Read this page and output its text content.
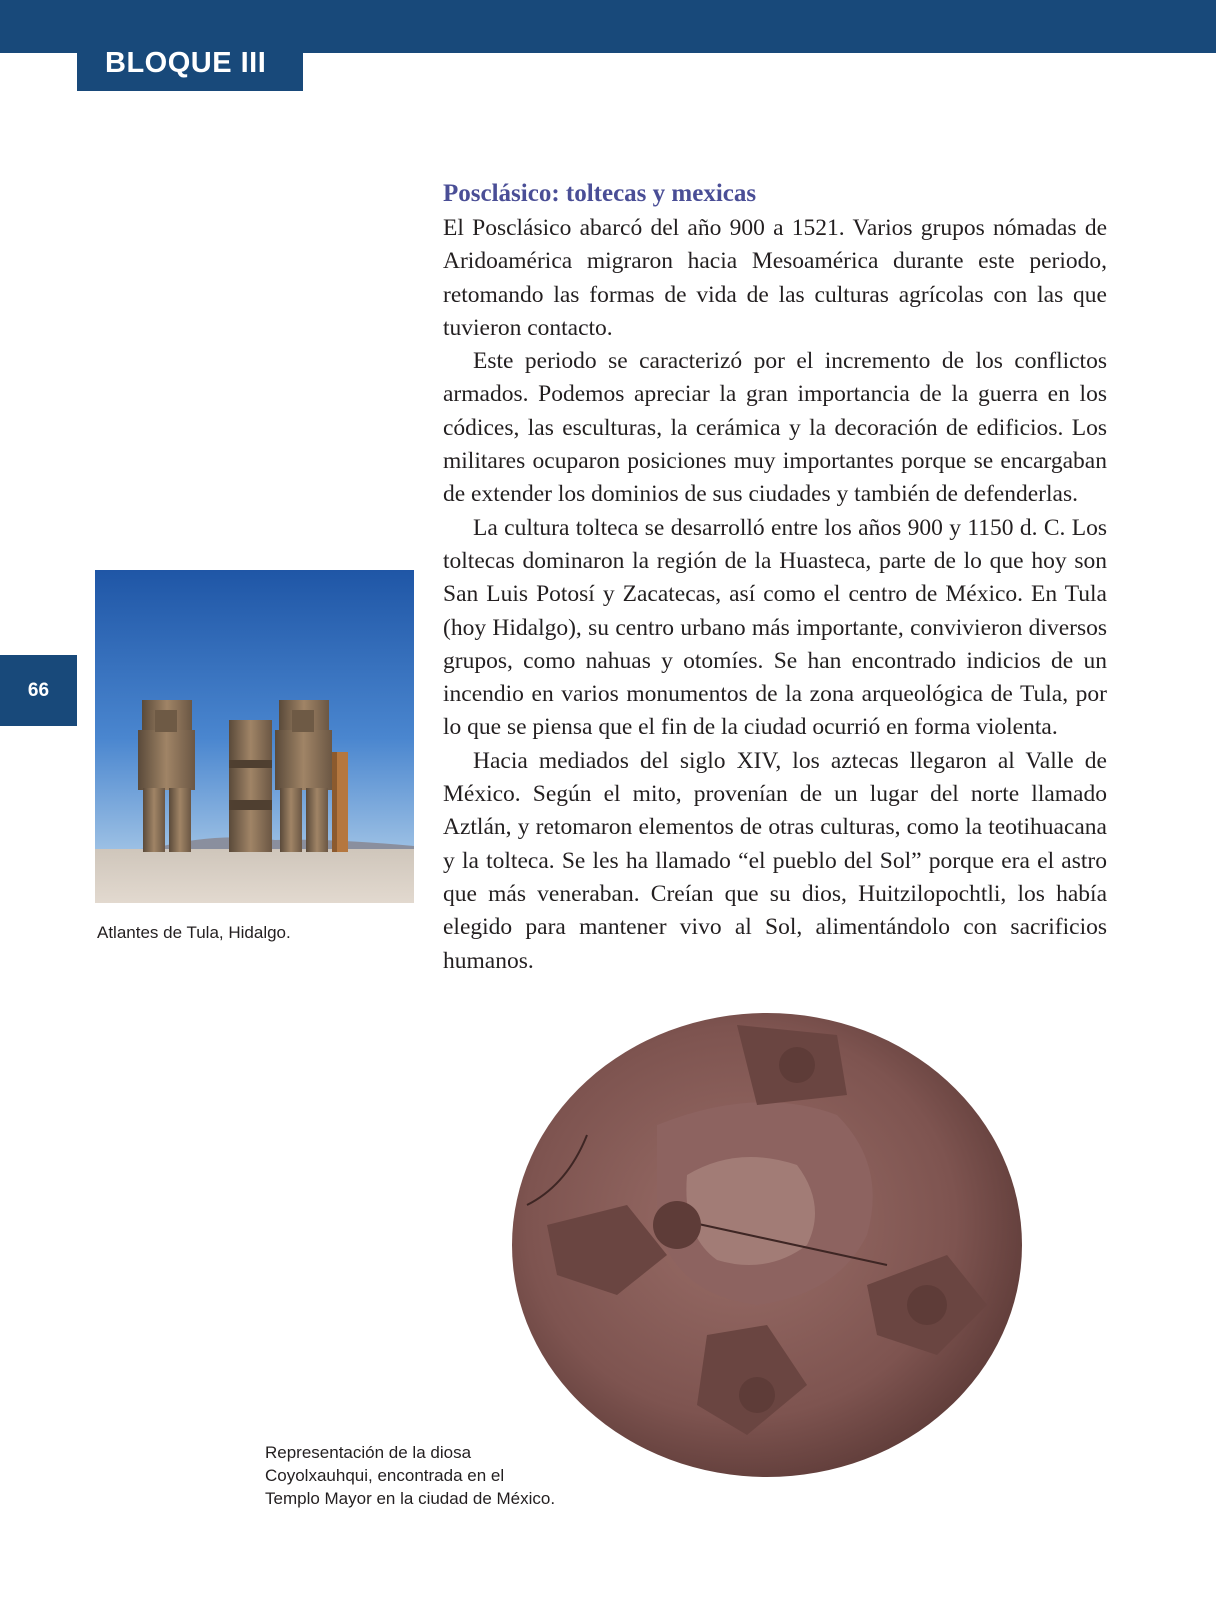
BLOQUE III
66
Posclásico: toltecas y mexicas

El Posclásico abarcó del año 900 a 1521. Varios grupos nómadas de Aridoamérica migraron hacia Mesoamérica durante este periodo, retomando las formas de vida de las culturas agrícolas con las que tuvieron contacto.

Este periodo se caracterizó por el incremento de los conflictos armados. Podemos apreciar la gran importancia de la guerra en los códices, las esculturas, la cerámica y la decoración de edificios. Los militares ocuparon posiciones muy importantes porque se encargaban de extender los dominios de sus ciudades y también de defenderlas.

La cultura tolteca se desarrolló entre los años 900 y 1150 d. C. Los toltecas dominaron la región de la Huasteca, parte de lo que hoy son San Luis Potosí y Zacatecas, así como el centro de México. En Tula (hoy Hidalgo), su centro urbano más importante, convivieron diversos grupos, como nahuas y otomíes. Se han encontrado indicios de un incendio en varios monumentos de la zona arqueológica de Tula, por lo que se piensa que el fin de la ciudad ocurrió en forma violenta.

Hacia mediados del siglo XIV, los aztecas llegaron al Valle de México. Según el mito, provenían de un lugar del norte llamado Aztlán, y retomaron elementos de otras culturas, como la teotihuacana y la tolteca. Se les ha llamado “el pueblo del Sol” porque era el astro que más veneraban. Creían que su dios, Huitzilopochtli, los había elegido para mantener vivo al Sol, alimentándolo con sacrificios humanos.

Atlantes de Tula, Hidalgo.
Representación de la diosa
Coyolxauhqui, encontrada en el
Templo Mayor en la ciudad de México.
